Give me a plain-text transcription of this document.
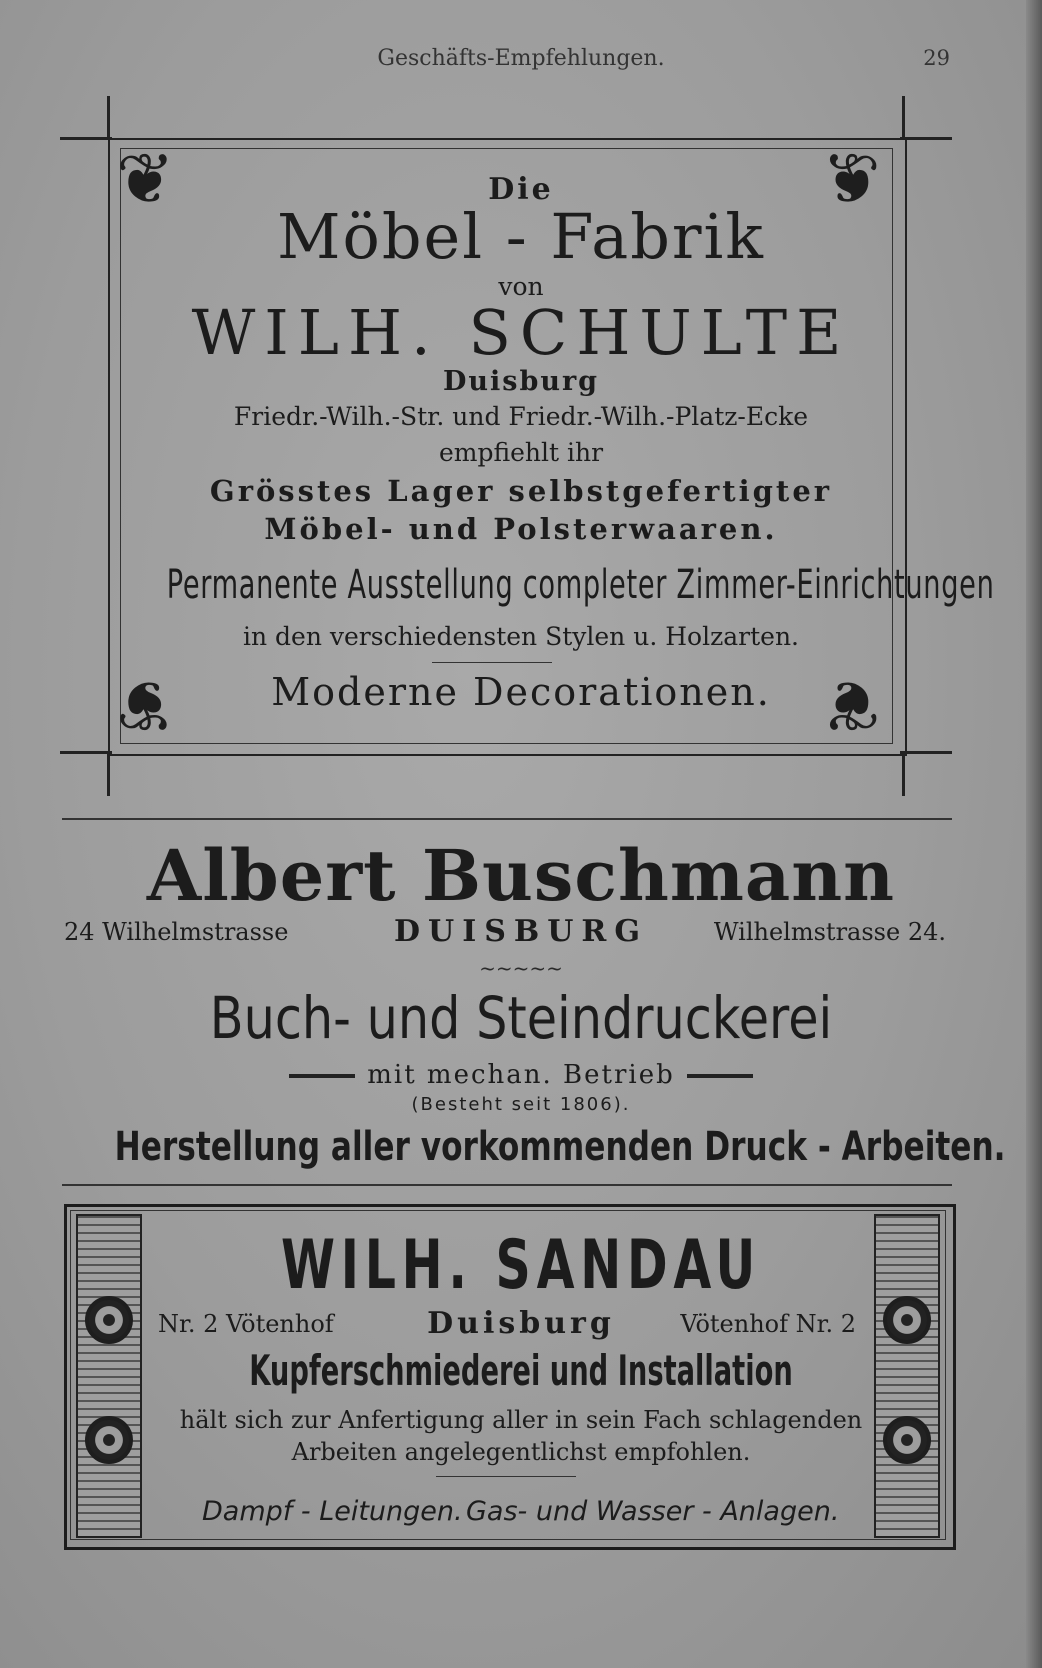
Geschäfts-Empfehlungen.	29
❦	❦
❦	❦
Die
Möbel - Fabrik
von
WILH. SCHULTE
Duisburg
Friedr.-Wilh.-Str. und Friedr.-Wilh.-Platz-Ecke
empfiehlt ihr
Grösstes Lager selbstgefertigter
Möbel- und Polsterwaaren.
Permanente Ausstellung completer Zimmer-Einrichtungen
in den verschiedensten Stylen u. Holzarten.
Moderne Decorationen.
Albert Buschmann
24 Wilhelmstrasse	DUISBURG	Wilhelmstrasse 24.
~~~~~
Buch- und Steindruckerei
mit mechan. Betrieb
(Besteht seit 1806).
Herstellung aller vorkommenden Druck - Arbeiten.
WILH. SANDAU
Nr. 2 Vötenhof	Duisburg	Vötenhof Nr. 2
Kupferschmiederei und Installation
hält sich zur Anfertigung aller in sein Fach schlagenden
Arbeiten angelegentlichst empfohlen.
Dampf - Leitungen. Gas- und Wasser - Anlagen.
